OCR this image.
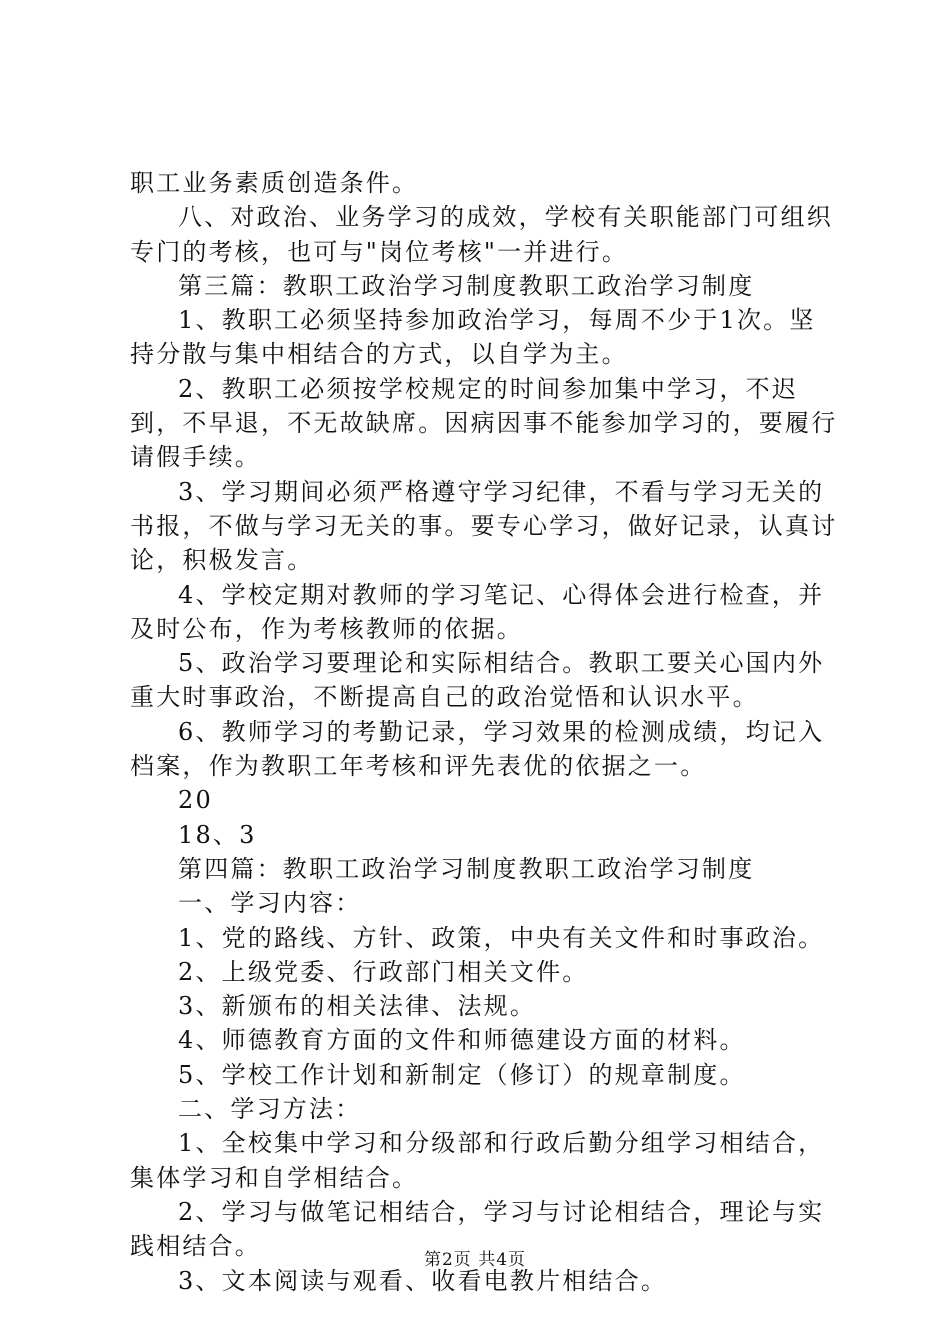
职工业务素质创造条件。

八、对政治、业务学习的成效，学校有关职能部门可组织专门的考核，也可与"岗位考核"一并进行。

第三篇：教职工政治学习制度教职工政治学习制度

1、教职工必须坚持参加政治学习，每周不少于1次。坚持分散与集中相结合的方式，以自学为主。

2、教职工必须按学校规定的时间参加集中学习，不迟到，不早退，不无故缺席。因病因事不能参加学习的，要履行请假手续。

3、学习期间必须严格遵守学习纪律，不看与学习无关的书报，不做与学习无关的事。要专心学习，做好记录，认真讨论，积极发言。

4、学校定期对教师的学习笔记、心得体会进行检查，并及时公布，作为考核教师的依据。

5、政治学习要理论和实际相结合。教职工要关心国内外重大时事政治，不断提高自己的政治觉悟和认识水平。

6、教师学习的考勤记录，学习效果的检测成绩，均记入档案，作为教职工年考核和评先表优的依据之一。

20

18、3

第四篇：教职工政治学习制度教职工政治学习制度

一、学习内容：

1、党的路线、方针、政策，中央有关文件和时事政治。

2、上级党委、行政部门相关文件。

3、新颁布的相关法律、法规。

4、师德教育方面的文件和师德建设方面的材料。

5、学校工作计划和新制定（修订）的规章制度。

二、学习方法：

1、全校集中学习和分级部和行政后勤分组学习相结合，集体学习和自学相结合。

2、学习与做笔记相结合，学习与讨论相结合，理论与实践相结合。

3、文本阅读与观看、收看电教片相结合。

第2页 共4页
